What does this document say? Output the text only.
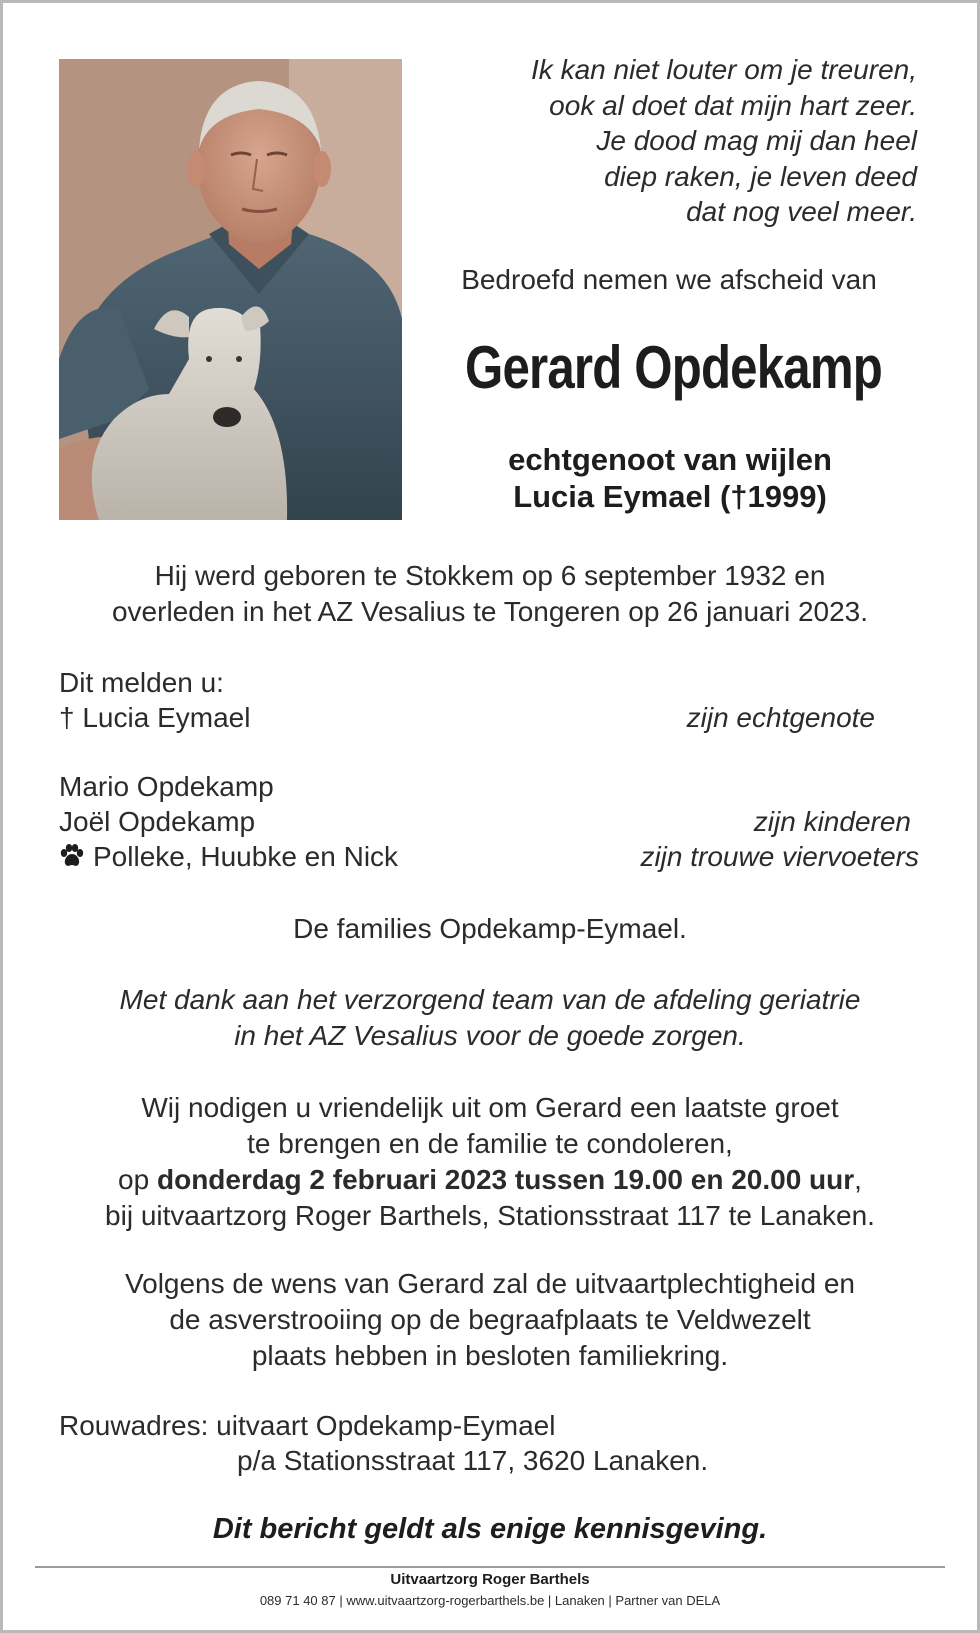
Ik kan niet louter om je treuren,
ook al doet dat mijn hart zeer.
Je dood mag mij dan heel
diep raken, je leven deed
dat nog veel meer.
Bedroefd nemen we afscheid van
Gerard Opdekamp
echtgenoot van wijlen
Lucia Eymael (†1999)
Hij werd geboren te Stokkem op 6 september 1932 en
overleden in het AZ Vesalius te Tongeren op 26 januari 2023.
Dit melden u:
† Lucia Eymael	zijn echtgenote
Mario Opdekamp
Joël Opdekamp	zijn kinderen
Polleke, Huubke en Nick	zijn trouwe viervoeters
De families Opdekamp-Eymael.
Met dank aan het verzorgend team van de afdeling geriatrie
in het AZ Vesalius voor de goede zorgen.
Wij nodigen u vriendelijk uit om Gerard een laatste groet
te brengen en de familie te condoleren,
op donderdag 2 februari 2023 tussen 19.00 en 20.00 uur,
bij uitvaartzorg Roger Barthels, Stationsstraat 117 te Lanaken.
Volgens de wens van Gerard zal de uitvaartplechtigheid en
de asverstrooiing op de begraafplaats te Veldwezelt
plaats hebben in besloten familiekring.
Rouwadres: uitvaart Opdekamp-Eymael
p/a Stationsstraat 117, 3620 Lanaken.
Dit bericht geldt als enige kennisgeving.
Uitvaartzorg Roger Barthels
089 71 40 87 | www.uitvaartzorg-rogerbarthels.be | Lanaken | Partner van DELA
